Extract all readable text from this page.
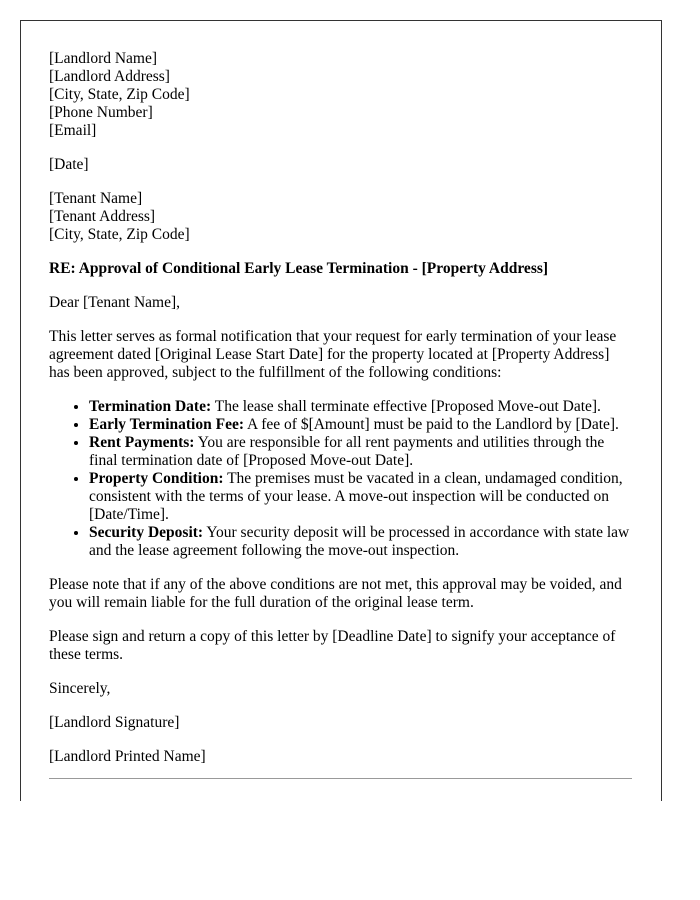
[Landlord Name]
[Landlord Address]
[City, State, Zip Code]
[Phone Number]
[Email]

[Date]

[Tenant Name]
[Tenant Address]
[City, State, Zip Code]

RE: Approval of Conditional Early Lease Termination - [Property Address]

Dear [Tenant Name],

This letter serves as formal notification that your request for early termination of your lease agreement dated [Original Lease Start Date] for the property located at [Property Address] has been approved, subject to the fulfillment of the following conditions:

• Termination Date: The lease shall terminate effective [Proposed Move-out Date].
• Early Termination Fee: A fee of $[Amount] must be paid to the Landlord by [Date].
• Rent Payments: You are responsible for all rent payments and utilities through the final termination date of [Proposed Move-out Date].
• Property Condition: The premises must be vacated in a clean, undamaged condition, consistent with the terms of your lease. A move-out inspection will be conducted on [Date/Time].
• Security Deposit: Your security deposit will be processed in accordance with state law and the lease agreement following the move-out inspection.

Please note that if any of the above conditions are not met, this approval may be voided, and you will remain liable for the full duration of the original lease term.

Please sign and return a copy of this letter by [Deadline Date] to signify your acceptance of these terms.

Sincerely,

[Landlord Signature]

[Landlord Printed Name]
